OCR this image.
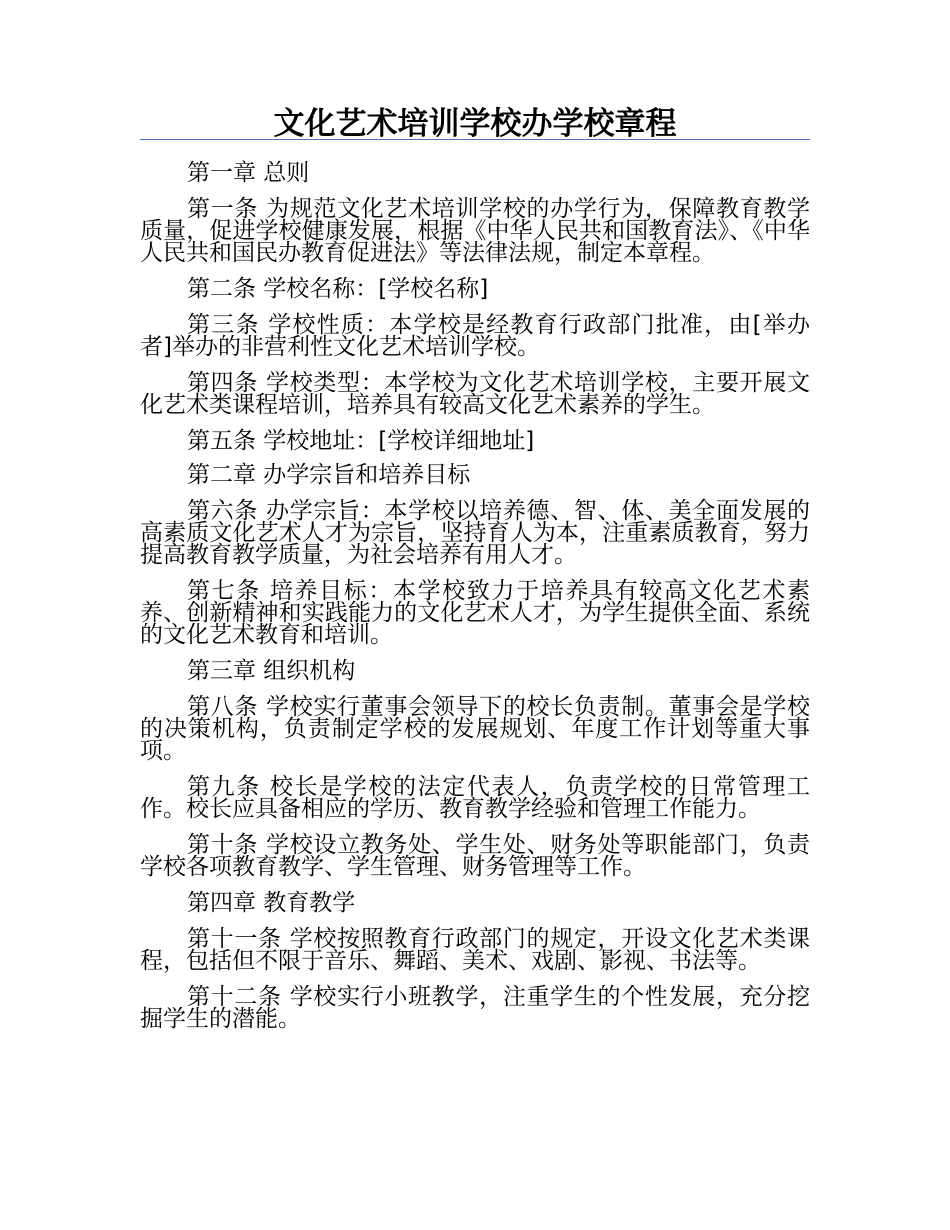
文化艺术培训学校办学校章程

第一章 总则

第一条 为规范文化艺术培训学校的办学行为，保障教育教学质量，促进学校健康发展，根据《中华人民共和国教育法》、《中华人民共和国民办教育促进法》等法律法规，制定本章程。

第二条 学校名称：[学校名称]

第三条 学校性质：本学校是经教育行政部门批准，由[举办者]举办的非营利性文化艺术培训学校。

第四条 学校类型：本学校为文化艺术培训学校，主要开展文化艺术类课程培训，培养具有较高文化艺术素养的学生。

第五条 学校地址：[学校详细地址]

第二章 办学宗旨和培养目标

第六条 办学宗旨：本学校以培养德、智、体、美全面发展的高素质文化艺术人才为宗旨，坚持育人为本，注重素质教育，努力提高教育教学质量，为社会培养有用人才。

第七条 培养目标：本学校致力于培养具有较高文化艺术素养、创新精神和实践能力的文化艺术人才，为学生提供全面、系统的文化艺术教育和培训。

第三章 组织机构

第八条 学校实行董事会领导下的校长负责制。董事会是学校的决策机构，负责制定学校的发展规划、年度工作计划等重大事项。

第九条 校长是学校的法定代表人，负责学校的日常管理工作。校长应具备相应的学历、教育教学经验和管理工作能力。

第十条 学校设立教务处、学生处、财务处等职能部门，负责学校各项教育教学、学生管理、财务管理等工作。

第四章 教育教学

第十一条 学校按照教育行政部门的规定，开设文化艺术类课程，包括但不限于音乐、舞蹈、美术、戏剧、影视、书法等。

第十二条 学校实行小班教学，注重学生的个性发展，充分挖掘学生的潜能。
